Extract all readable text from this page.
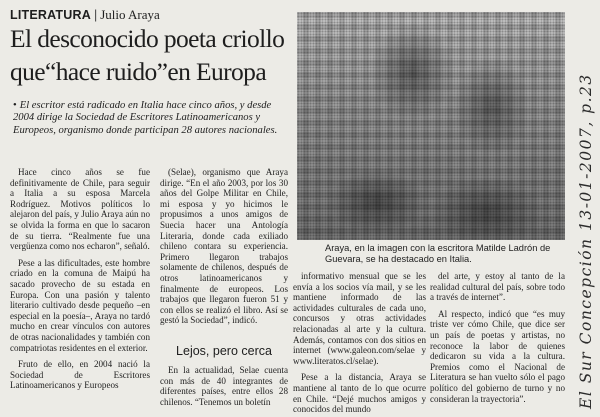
LITERATURA | Julio Araya
El desconocido poeta criollo
que“hace ruido”en Europa

• El escritor está radicado en Italia hace cinco años, y desde 2004 dirige la Sociedad de Escritores Latinoamericanos y Europeos, organismo donde participan 28 autores nacionales.

Hace cinco años se fue definitivamente de Chile, para seguir a Italia a su esposa Marcela Rodríguez. Motivos políticos lo alejaron del país, y Julio Araya aún no se olvida la forma en que lo sacaron de su tierra. “Realmente fue una vergüenza como nos echaron”, señaló.

Pese a las dificultades, este hombre criado en la comuna de Maipú ha sacado provecho de su estada en Europa. Con una pasión y talento literario cultivado desde pequeño –en especial en la poesía–, Araya no tardó mucho en crear vínculos con autores de otras nacionalidades y también con compatriotas residentes en el exterior.

Fruto de ello, en 2004 nació la Sociedad de Escritores Latinoamericanos y Europeos

(Selae), organismo que Araya dirige. “En el año 2003, por los 30 años del Golpe Militar en Chile, mi esposa y yo hicimos le propusimos a unos amigos de Suecia hacer una Antología Literaria, donde cada exiliado chileno contara su experiencia. Primero llegaron trabajos solamente de chilenos, después de otros latinoamericanos y finalmente de europeos. Los trabajos que llegaron fueron 51 y con ellos se realizó el libro. Así se gestó la Sociedad”, indicó.

Lejos, pero cerca

En la actualidad, Selae cuenta con más de 40 integrantes de diferentes países, entre ellos 28 chilenos. “Tenemos un boletín

Araya, en la imagen con la escritora Matilde Ladrón de Guevara, se ha destacado en Italia.

informativo mensual que se les envía a los socios vía mail, y se les mantiene informado de las actividades culturales de cada uno, concursos y otras actividades relacionadas al arte y la cultura. Además, contamos con dos sitios en internet (www.galeon.com/selae y www.literatos.cl/selae).

Pese a la distancia, Araya se mantiene al tanto de lo que ocurre en Chile. “Dejé muchos amigos y conocidos del mundo

del arte, y estoy al tanto de la realidad cultural del país, sobre todo a través de internet”.

Al respecto, indicó que “es muy triste ver cómo Chile, que dice ser un país de poetas y artistas, no reconoce la labor de quienes dedicaron su vida a la cultura. Premios como el Nacional de Literatura se han vuelto sólo el pago político del gobierno de turno y no consideran la trayectoria”.	El Sur Concepción 13-01-2007, p.23
